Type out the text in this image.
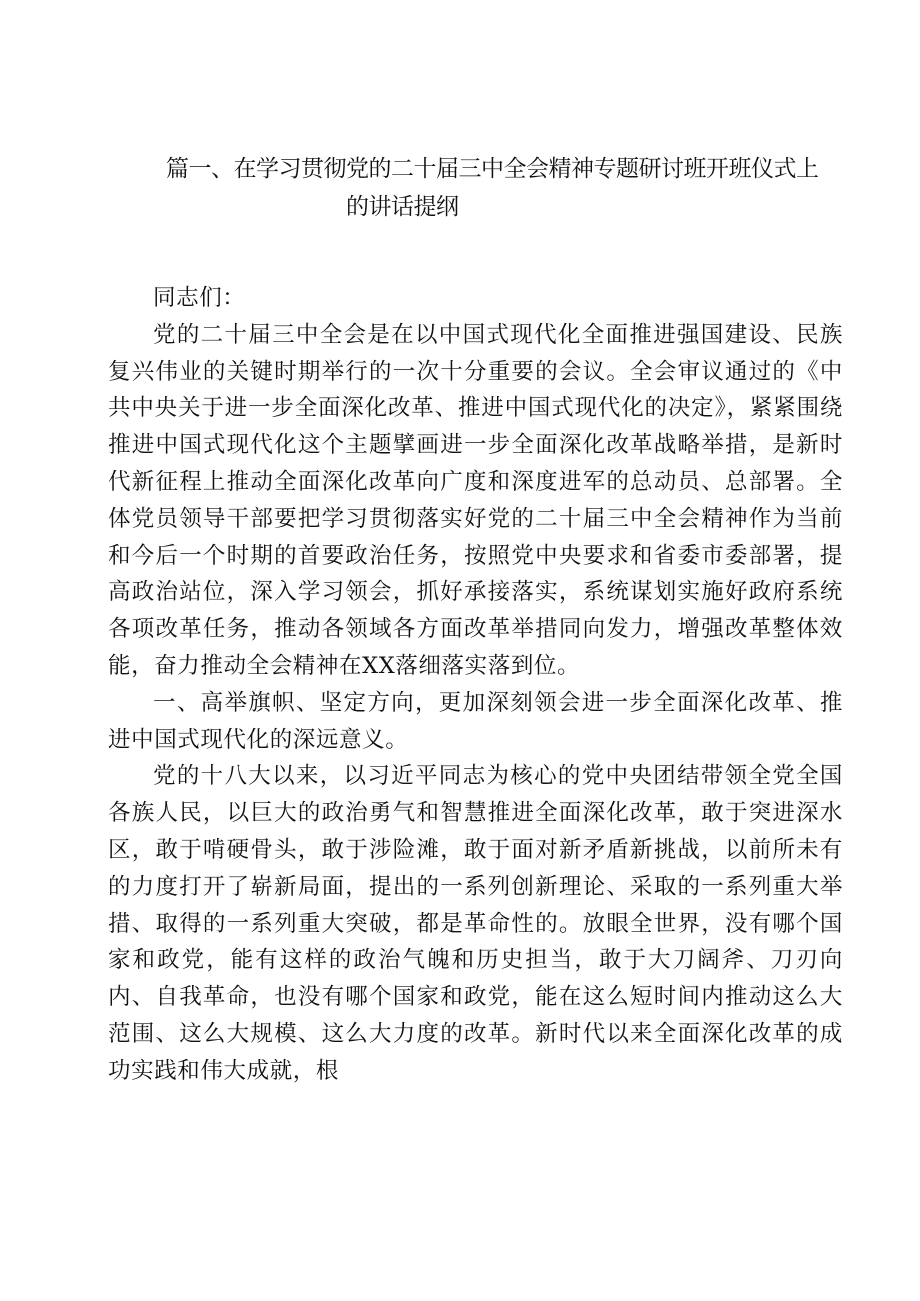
篇一、在学习贯彻党的二十届三中全会精神专题研讨班开班仪式上
的讲话提纲

同志们：

党的二十届三中全会是在以中国式现代化全面推进强国建设、民族复兴伟业的关键时期举行的一次十分重要的会议。全会审议通过的《中共中央关于进一步全面深化改革、推进中国式现代化的决定》，紧紧围绕推进中国式现代化这个主题擘画进一步全面深化改革战略举措，是新时代新征程上推动全面深化改革向广度和深度进军的总动员、总部署。全体党员领导干部要把学习贯彻落实好党的二十届三中全会精神作为当前和今后一个时期的首要政治任务，按照党中央要求和省委市委部署，提高政治站位，深入学习领会，抓好承接落实，系统谋划实施好政府系统各项改革任务，推动各领域各方面改革举措同向发力，增强改革整体效能，奋力推动全会精神在XX落细落实落到位。

一、高举旗帜、坚定方向，更加深刻领会进一步全面深化改革、推进中国式现代化的深远意义。

党的十八大以来，以习近平同志为核心的党中央团结带领全党全国各族人民，以巨大的政治勇气和智慧推进全面深化改革，敢于突进深水区，敢于啃硬骨头，敢于涉险滩，敢于面对新矛盾新挑战，以前所未有的力度打开了崭新局面，提出的一系列创新理论、采取的一系列重大举措、取得的一系列重大突破，都是革命性的。放眼全世界，没有哪个国家和政党，能有这样的政治气魄和历史担当，敢于大刀阔斧、刀刃向内、自我革命，也没有哪个国家和政党，能在这么短时间内推动这么大范围、这么大规模、这么大力度的改革。新时代以来全面深化改革的成功实践和伟大成就，根
